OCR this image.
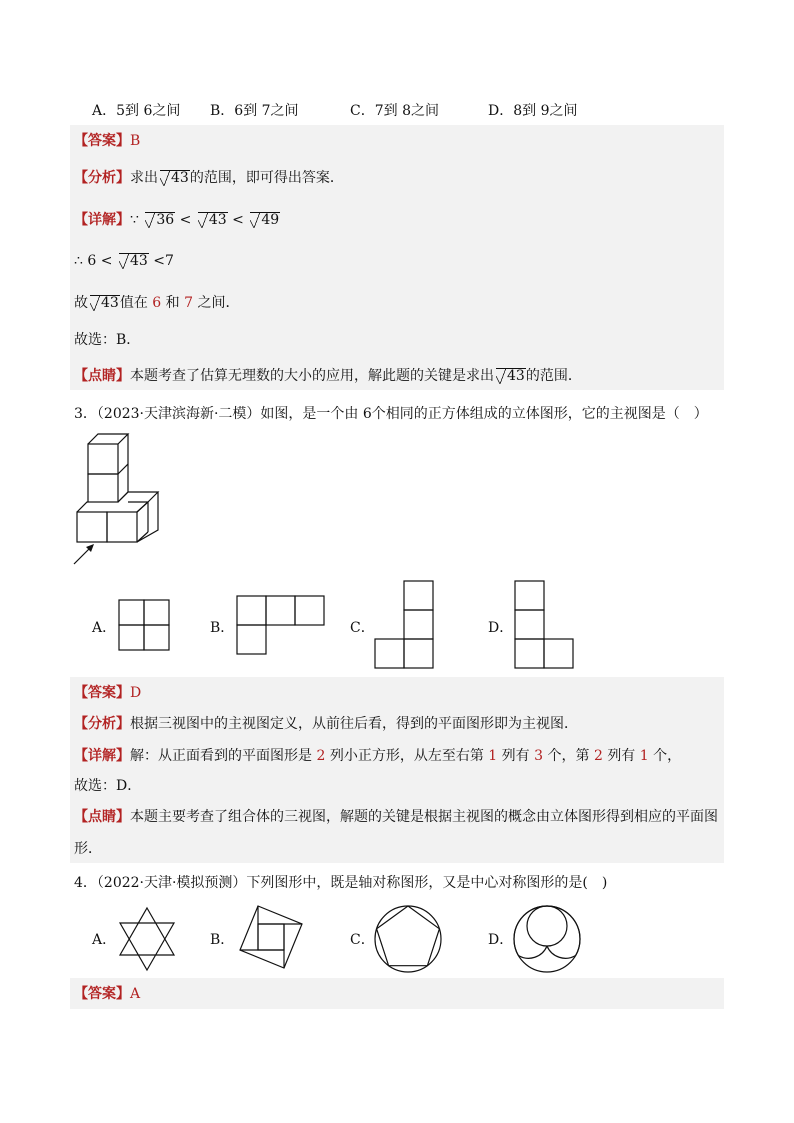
A．5到 6之间 B．6到 7之间	C．7到 8之间	D．8到 9之间
【答案】B
【分析】求出 43的范围，即可得出答案．
【详解】∵ 36 < 43 < 49
∴ 6 < 43 <7
故 43值在 6 和 7 之间．
故选：B．
【点睛】本题考查了估算无理数的大小的应用，解此题的关键是求出 43的范围．
3．（2023·天津滨海新·二模）如图，是一个由 6个相同的正方体组成的立体图形，它的主视图是（　）
A．	B．	C．	D．
【答案】D
【分析】根据三视图中的主视图定义，从前往后看，得到的平面图形即为主视图．
【详解】解：从正面看到的平面图形是 2 列小正方形，从左至右第 1 列有 3 个，第 2 列有 1 个，
故选：D．
【点睛】本题主要考查了组合体的三视图，解题的关键是根据主视图的概念由立体图形得到相应的平面图
形．
4．（2022·天津·模拟预测）下列图形中，既是轴对称图形，又是中心对称图形的是(　)
A．	B．	C．	D．
【答案】A
